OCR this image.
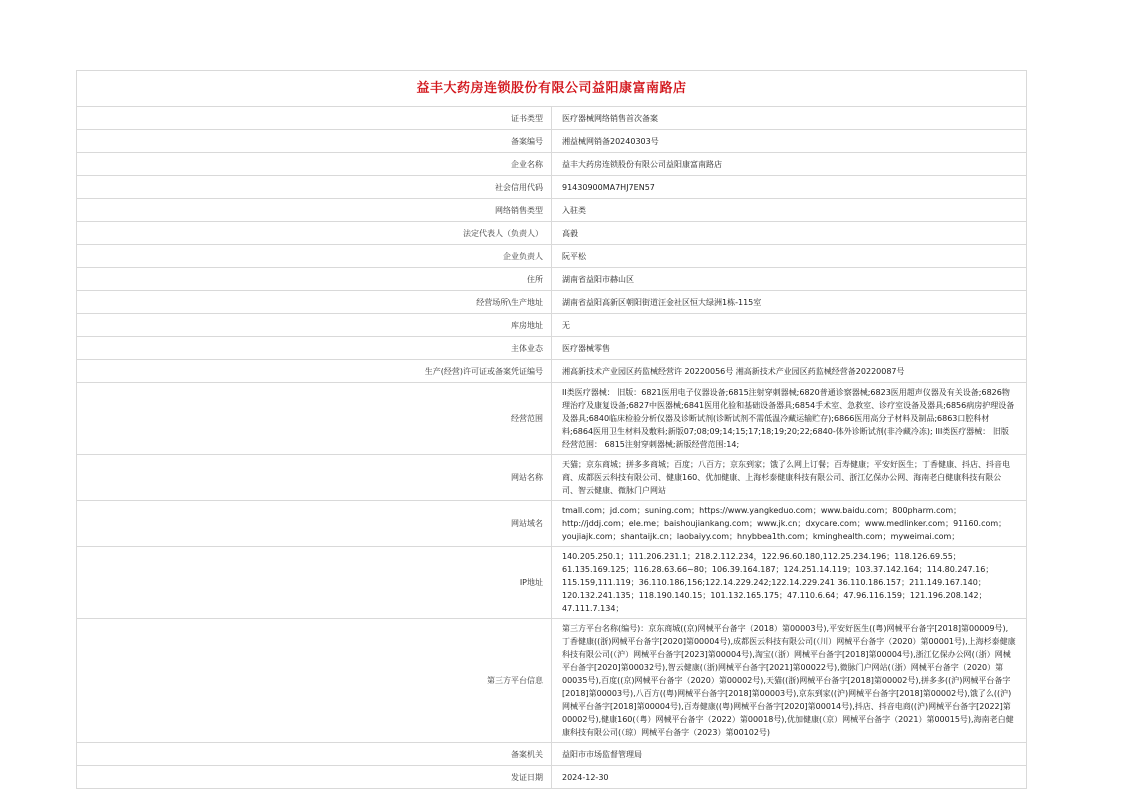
益丰大药房连锁股份有限公司益阳康富南路店	
证书类型	医疗器械网络销售首次备案
备案编号	湘益械网销备20240303号
企业名称	益丰大药房连锁股份有限公司益阳康富南路店
社会信用代码	91430900MA7HJ7EN57
网络销售类型	入驻类
法定代表人（负责人）	高毅
企业负责人	阮平松
住所	湖南省益阳市赫山区
经营场所\生产地址	湖南省益阳高新区朝阳街道汪金社区恒大绿洲1栋-115室
库房地址	无
主体业态	医疗器械零售
生产(经营)许可证或备案凭证编号	湘高新技术产业园区药监械经营许 20220056号 湘高新技术产业园区药监械经营备20220087号
经营范围	II类医疗器械： 旧版：6821医用电子仪器设备;6815注射穿刺器械;6820普通诊察器械;6823医用超声仪器及有关设备;6826物理治疗及康复设备;6827中医器械;6841医用化验和基础设备器具;6854手术室、急救室、诊疗室设备及器具;6856病房护理设备及器具;6840临床检验分析仪器及诊断试剂(诊断试剂不需低温冷藏运输贮存);6866医用高分子材料及制品;6863口腔科材料;6864医用卫生材料及敷料;新版07;08;09;14;15;17;18;19;20;22;6840-体外诊断试剂(非冷藏冷冻); III类医疗器械： 旧版经营范围： 6815注射穿刺器械;新版经营范围:14;
网站名称	天猫；京东商城；拼多多商城；百度；八百方；京东到家；饿了么网上订餐；百寿健康；平安好医生；丁香健康、抖店、抖音电商、成都医云科技有限公司、健康160、优加健康、上海杉泰健康科技有限公司、浙江亿保办公网、海南老白健康科技有限公司、智云健康、微脉门户网站
网站域名	tmall.com；jd.com；suning.com；https://www.yangkeduo.com；www.baidu.com；800pharm.com；http://jddj.com；ele.me；baishoujiankang.com；www.jk.cn；dxycare.com；www.medlinker.com；91160.com；youjiajk.com；shantaijk.cn；laobaiyy.com；hnybbea1th.com；kminghealth.com；myweimai.com；
IP地址	140.205.250.1；111.206.231.1；218.2.112.234，122.96.60.180,112.25.234.196；118.126.69.55；61.135.169.125；116.28.63.66~80；106.39.164.187；124.251.14.119；103.37.142.164；114.80.247.16；115.159,111.119；36.110.186,156;122.14.229.242;122.14.229.241 36.110.186.157；211.149.167.140；120.132.241.135；118.190.140.15；101.132.165.175；47.110.6.64；47.96.116.159；121.196.208.142；47.111.7.134；
第三方平台信息	第三方平台名称(编号)：京东商城((京)网械平台备字（2018）第00003号),平安好医生((粤)网械平台备字[2018]第00009号),丁香健康((浙)网械平台备字[2020]第00004号),成都医云科技有限公司(（川）网械平台备字（2020）第00001号),上海杉泰健康科技有限公司(（沪）网械平台备字[2023]第00004号),淘宝(（浙）网械平台备字[2018]第00004号),浙江亿保办公网(（浙）网械平台备字[2020]第00032号),智云健康(（浙)网械平台备字[2021]第00022号),微脉门户网站(（浙）网械平台备字（2020）第00035号),百度((京)网械平台备字（2020）第00002号),天猫((浙)网械平台备字[2018]第00002号),拼多多((沪)网械平台备字[2018]第00003号),八百方((粤)网械平台备字[2018]第00003号),京东到家((沪)网械平台备字[2018]第00002号),饿了么((沪)网械平台备字[2018]第00004号),百寿健康((粤)网械平台备字[2020]第00014号),抖店、抖音电商((沪)网械平台备字[2022]第00002号),健康160(（粤）网械平台备字（2022）第00018号),优加健康(（京）网械平台备字（2021）第00015号),海南老白健康科技有限公司(（琼）网械平台备字（2023）第00102号)
备案机关	益阳市市场监督管理局
发证日期	2024-12-30
